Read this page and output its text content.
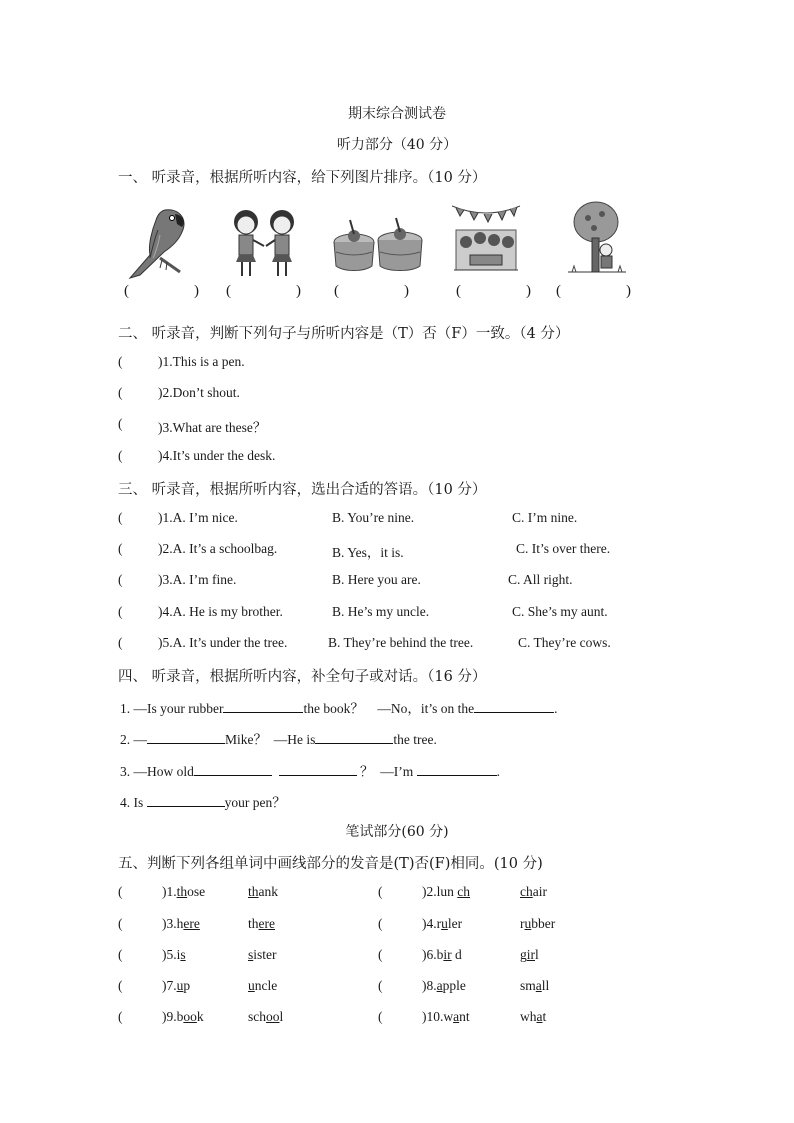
期末综合测试卷
听力部分（40 分）
一、 听录音，根据所听内容，给下列图片排序。（10 分）
(	) (	) (	)	(	) (	)
二、 听录音，判断下列句子与所听内容是（T）否（F）一致。（4 分）
(	)1.This is a pen.
(	)2.Don’t shout.
(	)3.What are these？
(	)4.It’s under the desk.
三、 听录音，根据所听内容，选出合适的答语。（10 分）
(	)1.A. I’m nice.	B. You’re nine.	C. I’m nine.
(	)2.A. It’s a schoolbag.	B. Yes，it is.	C. It’s over there.
(	)3.A. I’m fine.	B. Here you are.	C. All right.
(	)4.A. He is my brother.	B. He’s my uncle.	C. She’s my aunt.
(	)5.A. It’s under the tree.	B. They’re behind the tree.	C. They’re cows.
四、 听录音，根据所听内容，补全句子或对话。（16 分）
1. —Is your rubber	the book？ —No，it’s on the	.
2. —	Mike？ —He is	the tree.
3. —How old	？ —I’m	.
4. Is	your pen？
笔试部分(60 分)
五、判断下列各组单词中画线部分的发音是(T)否(F)相同。(10 分)
(	)1.those	thank	(	)2.lun ch	chair
(	)3.here	there	(	)4.ruler	rubber
(	)5.is	sister	(	)6.bir d	girl
(	)7.up	uncle	(	)8.apple	small
(	)9.book	school	(	)10.want	what
